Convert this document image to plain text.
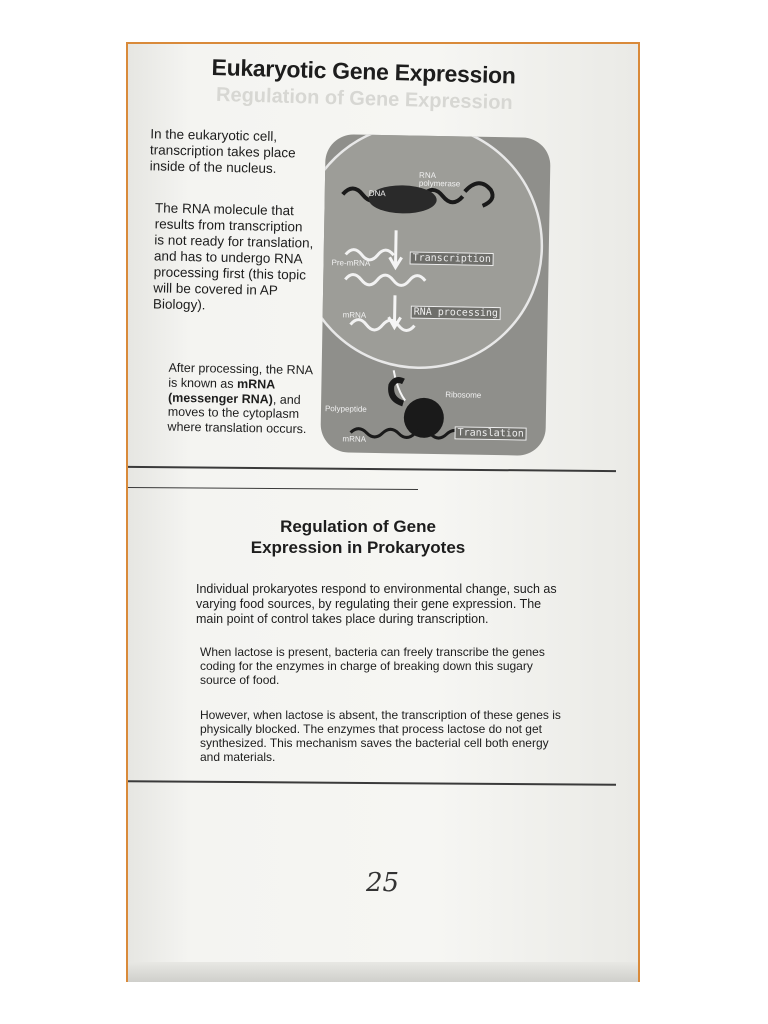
Eukaryotic Gene Expression
Regulation of Gene Expression
In the eukaryotic cell, transcription takes place inside of the nucleus.
The RNA molecule that results from transcription is not ready for translation, and has to undergo RNA processing first (this topic will be covered in AP Biology).
After processing, the RNA is known as mRNA (messenger RNA), and moves to the cytoplasm where translation occurs.
DNA
RNA polymerase
Pre-mRNA	Transcription
mRNA	RNA processing
Ribosome
Polypeptide
Translation
mRNA
Regulation of Gene Expression in Prokaryotes
Individual prokaryotes respond to environmental change, such as varying food sources, by regulating their gene expression. The main point of control takes place during transcription.
When lactose is present, bacteria can freely transcribe the genes coding for the enzymes in charge of breaking down this sugary source of food.
However, when lactose is absent, the transcription of these genes is physically blocked. The enzymes that process lactose do not get synthesized. This mechanism saves the bacterial cell both energy and materials.
25
